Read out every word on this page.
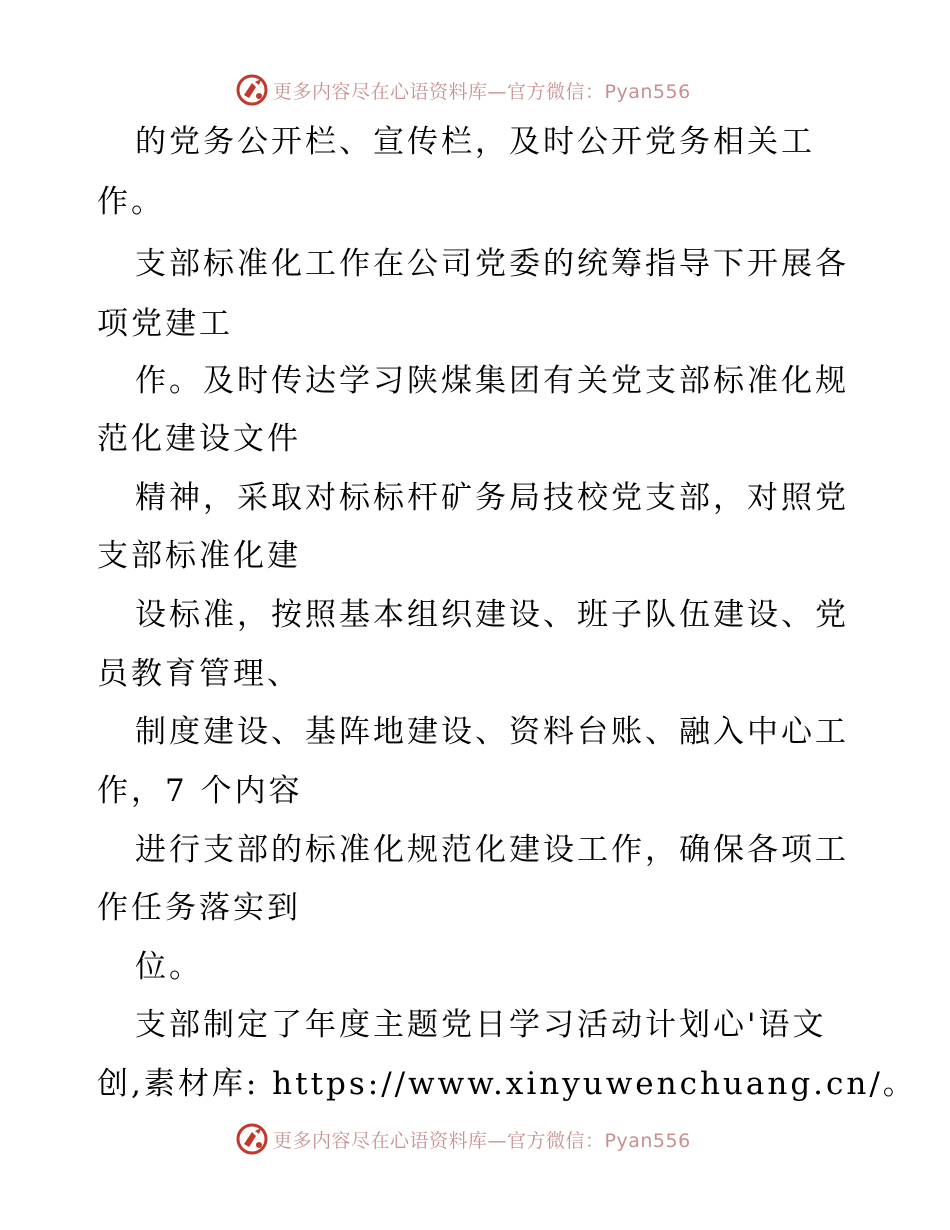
更多内容尽在心语资料库—官方微信：Pyan556
的党务公开栏、宣传栏，及时公开党务相关工
作。
支部标准化工作在公司党委的统筹指导下开展各
项党建工
作。及时传达学习陕煤集团有关党支部标准化规
范化建设文件
精神，采取对标标杆矿务局技校党支部，对照党
支部标准化建
设标准，按照基本组织建设、班子队伍建设、党
员教育管理、
制度建设、基阵地建设、资料台账、融入中心工
作，7 个内容
进行支部的标准化规范化建设工作，确保各项工
作任务落实到
位。
支部制定了年度主题党日学习活动计划心'语文
创,素材库: https://www.xinyuwenchuang.cn/。
更多内容尽在心语资料库—官方微信：Pyan556
